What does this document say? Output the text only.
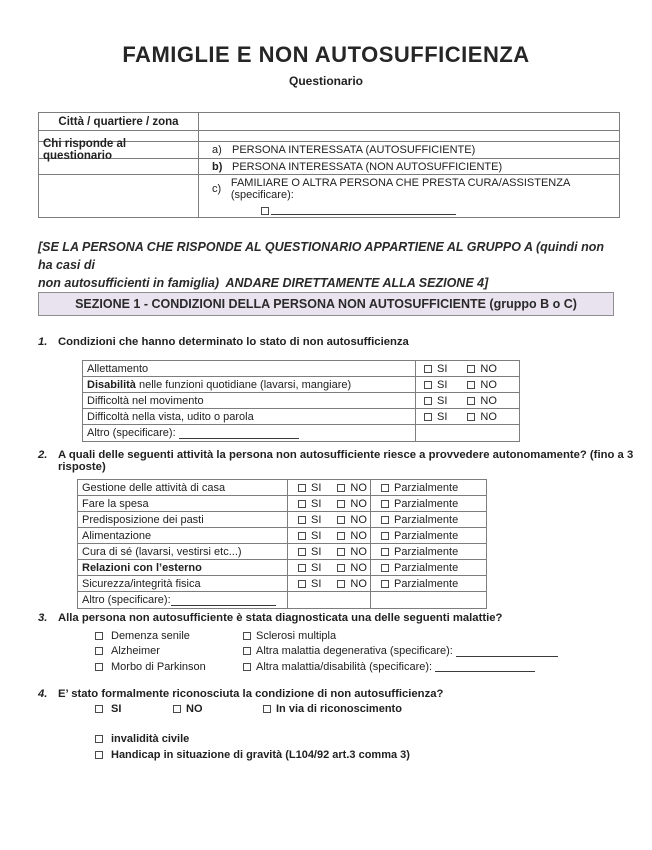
FAMIGLIE E NON AUTOSUFFICIENZA
Questionario
Città / quartiere / zona
Chi risponde al questionario	a) PERSONA INTERESSATA (AUTOSUFFICIENTE)
b) PERSONA INTERESSATA (NON AUTOSUFFICIENTE)
c) FAMILIARE O ALTRA PERSONA CHE PRESTA CURA/ASSISTENZA  (specificare):
[SE LA PERSONA CHE RISPONDE AL QUESTIONARIO APPARTIENE AL GRUPPO A (quindi non ha casi di
non autosufficienti in famiglia)  ANDARE DIRETTAMENTE ALLA SEZIONE 4]
SEZIONE 1 - CONDIZIONI DELLA PERSONA NON AUTOSUFFICIENTE (gruppo B o C)
1. Condizioni che hanno determinato lo stato di non autosufficienza
Allettamento	SI	NO
Disabilità nelle funzioni quotidiane (lavarsi, mangiare)	SI	NO
Difficoltà nel movimento	SI	NO
Difficoltà nella vista, udito o parola	SI	NO
Altro (specificare):
2. A quali delle seguenti attività la persona non autosufficiente riesce a provvedere autonomamente? (fino a 3 risposte)
Gestione delle attività di casa	SI	NO Parzialmente
Fare la spesa	SI	NO Parzialmente
Predisposizione dei pasti	SI	NO Parzialmente
Alimentazione	SI	NO Parzialmente
Cura di sé (lavarsi, vestirsi etc...)	SI	NO Parzialmente
Relazioni con l’esterno	SI	NO Parzialmente
Sicurezza/integrità fisica	SI	NO Parzialmente
Altro (specificare):
3. Alla persona non autosufficiente è stata diagnosticata una delle seguenti malattie?
Demenza senile	Sclerosi multipla
Alzheimer	Altra malattia degenerativa (specificare):
Morbo di Parkinson	Altra malattia/disabilità (specificare):
4. E’ stato formalmente riconosciuta la condizione di non autosufficienza?
SI	NO	In via di riconoscimento
invalidità civile
Handicap in situazione di gravità (L104/92 art.3 comma 3)
